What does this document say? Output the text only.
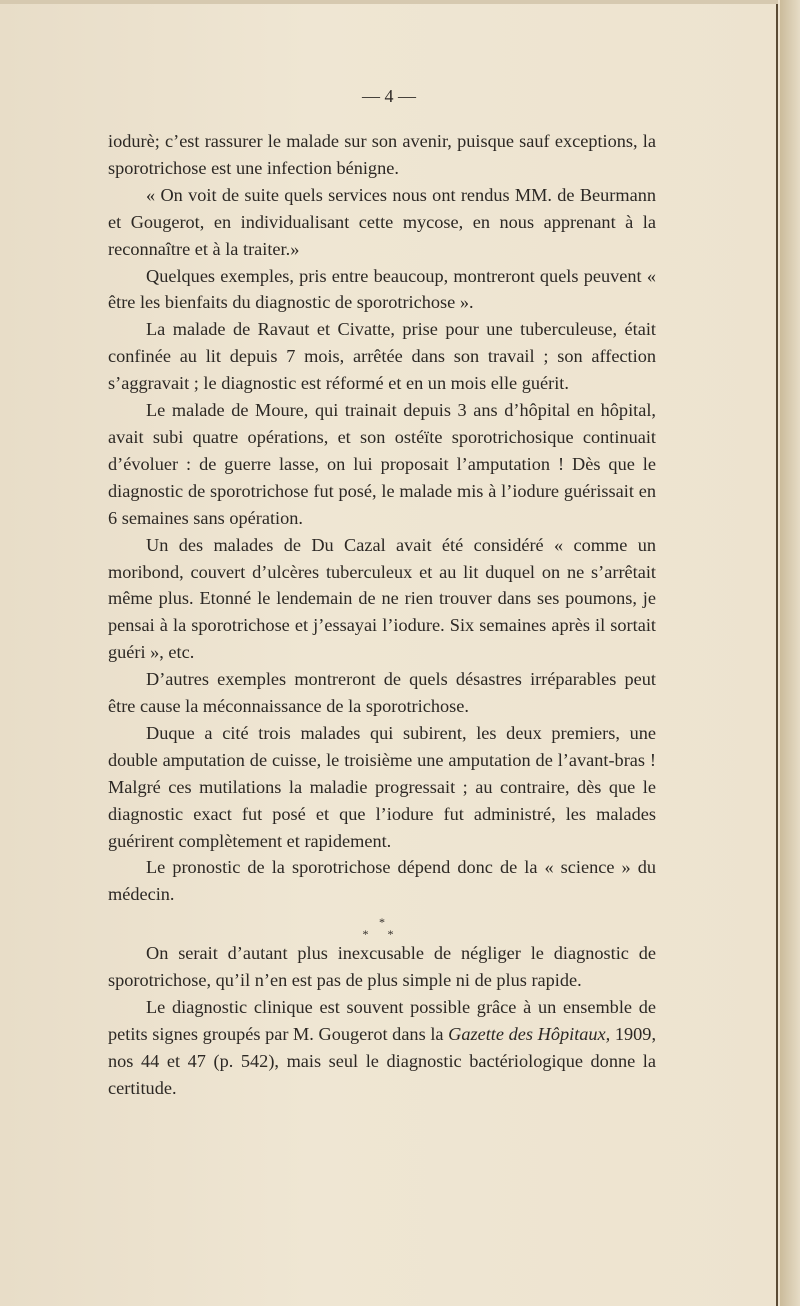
— 4 —

iodurè; c’est rassurer le malade sur son avenir, puisque sauf exceptions, la sporotrichose est une infection bénigne.

« On voit de suite quels services nous ont rendus MM. de Beurmann et Gougerot, en individualisant cette mycose, en nous apprenant à la reconnaître et à la traiter.»

Quelques exemples, pris entre beaucoup, montreront quels peuvent « être les bienfaits du diagnostic de sporotrichose ».

La malade de Ravaut et Civatte, prise pour une tuberculeuse, était confinée au lit depuis 7 mois, arrêtée dans son travail ; son affection s’aggravait ; le diagnostic est réformé et en un mois elle guérit.

Le malade de Moure, qui trainait depuis 3 ans d’hôpital en hôpital, avait subi quatre opérations, et son ostéïte sporotrichosique continuait d’évoluer : de guerre lasse, on lui proposait l’amputation ! Dès que le diagnostic de sporotrichose fut posé, le malade mis à l’iodure guérissait en 6 semaines sans opération.

Un des malades de Du Cazal avait été considéré « comme un moribond, couvert d’ulcères tuberculeux et au lit duquel on ne s’arrêtait même plus. Etonné le lendemain de ne rien trouver dans ses poumons, je pensai à la sporotrichose et j’essayai l’iodure. Six semaines après il sortait guéri », etc.

D’autres exemples montreront de quels désastres irréparables peut être cause la méconnaissance de la sporotrichose.

Duque a cité trois malades qui subirent, les deux premiers, une double amputation de cuisse, le troisième une amputation de l’avant-bras ! Malgré ces mutilations la maladie progressait ; au contraire, dès que le diagnostic exact fut posé et que l’iodure fut administré, les malades guérirent complètement et rapidement.

Le pronostic de la sporotrichose dépend donc de la « science » du médecin.

*
* *

On serait d’autant plus inexcusable de négliger le diagnostic de sporotrichose, qu’il n’en est pas de plus simple ni de plus rapide.

Le diagnostic clinique est souvent possible grâce à un ensemble de petits signes groupés par M. Gougerot dans la Gazette des Hôpitaux, 1909, nos 44 et 47 (p. 542), mais seul le diagnostic bactériologique donne la certitude.
